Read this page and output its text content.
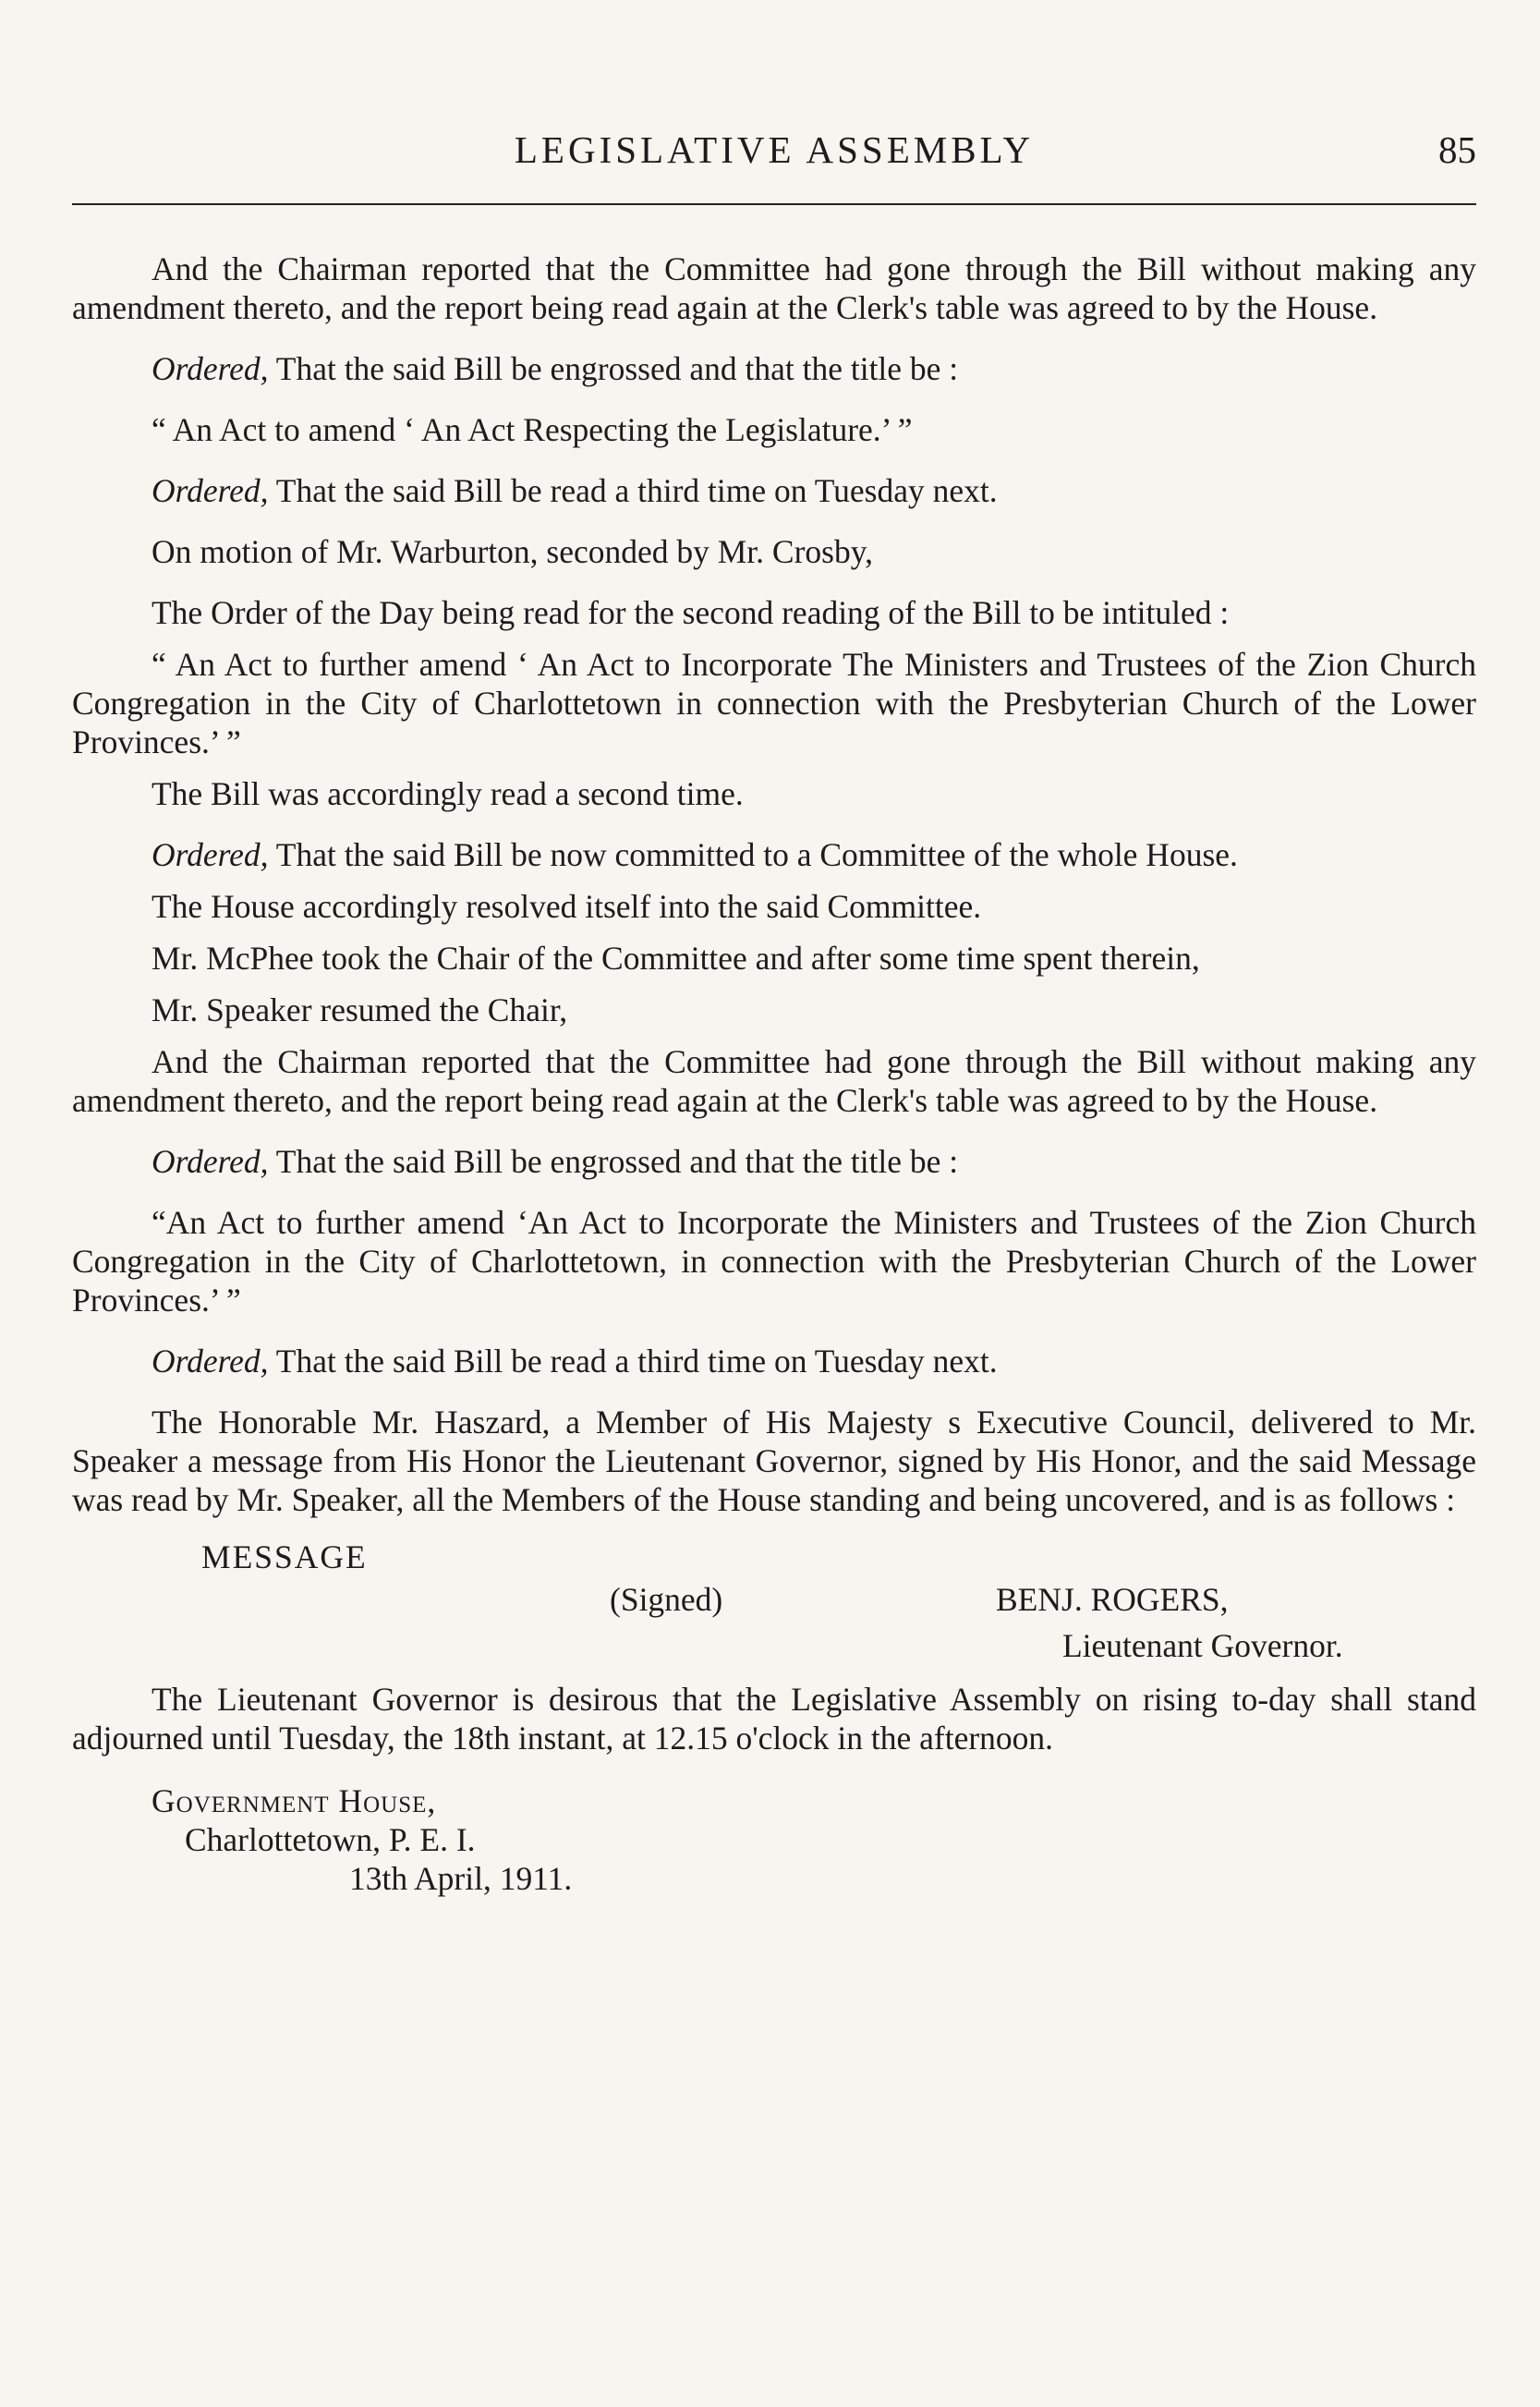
LEGISLATIVE ASSEMBLY	85

And the Chairman reported that the Committee had gone through the Bill without making any amendment thereto, and the report being read again at the Clerk's table was agreed to by the House.

Ordered, That the said Bill be engrossed and that the title be :

“ An Act to amend ‘ An Act Respecting the Legislature.’ ”

Ordered, That the said Bill be read a third time on Tuesday next.

On motion of Mr. Warburton, seconded by Mr. Crosby,

The Order of the Day being read for the second reading of the Bill to be intituled :

“ An Act to further amend ‘ An Act to Incorporate The Ministers and Trustees of the Zion Church Congregation in the City of Charlottetown in connection with the Presbyterian Church of the Lower Provinces.’ ”

The Bill was accordingly read a second time.

Ordered, That the said Bill be now committed to a Committee of the whole House.

The House accordingly resolved itself into the said Committee.

Mr. McPhee took the Chair of the Committee and after some time spent therein,

Mr. Speaker resumed the Chair,

And the Chairman reported that the Committee had gone through the Bill without making any amendment thereto, and the report being read again at the Clerk's table was agreed to by the House.

Ordered, That the said Bill be engrossed and that the title be :

“An Act to further amend ‘An Act to Incorporate the Ministers and Trustees of the Zion Church Congregation in the City of Charlottetown, in connection with the Presbyterian Church of the Lower Provinces.’ ”

Ordered, That the said Bill be read a third time on Tuesday next.

The Honorable Mr. Haszard, a Member of His Majesty s Executive Council, delivered to Mr. Speaker a message from His Honor the Lieutenant Governor, signed by His Honor, and the said Message was read by Mr. Speaker, all the Members of the House standing and being uncovered, and is as follows :

MESSAGE

(Signed)	BENJ. ROGERS,
Lieutenant Governor.

The Lieutenant Governor is desirous that the Legislative Assembly on rising to-day shall stand adjourned until Tuesday, the 18th instant, at 12.15 o'clock in the afternoon.

Government House,

Charlottetown, P. E. I.

13th April, 1911.
